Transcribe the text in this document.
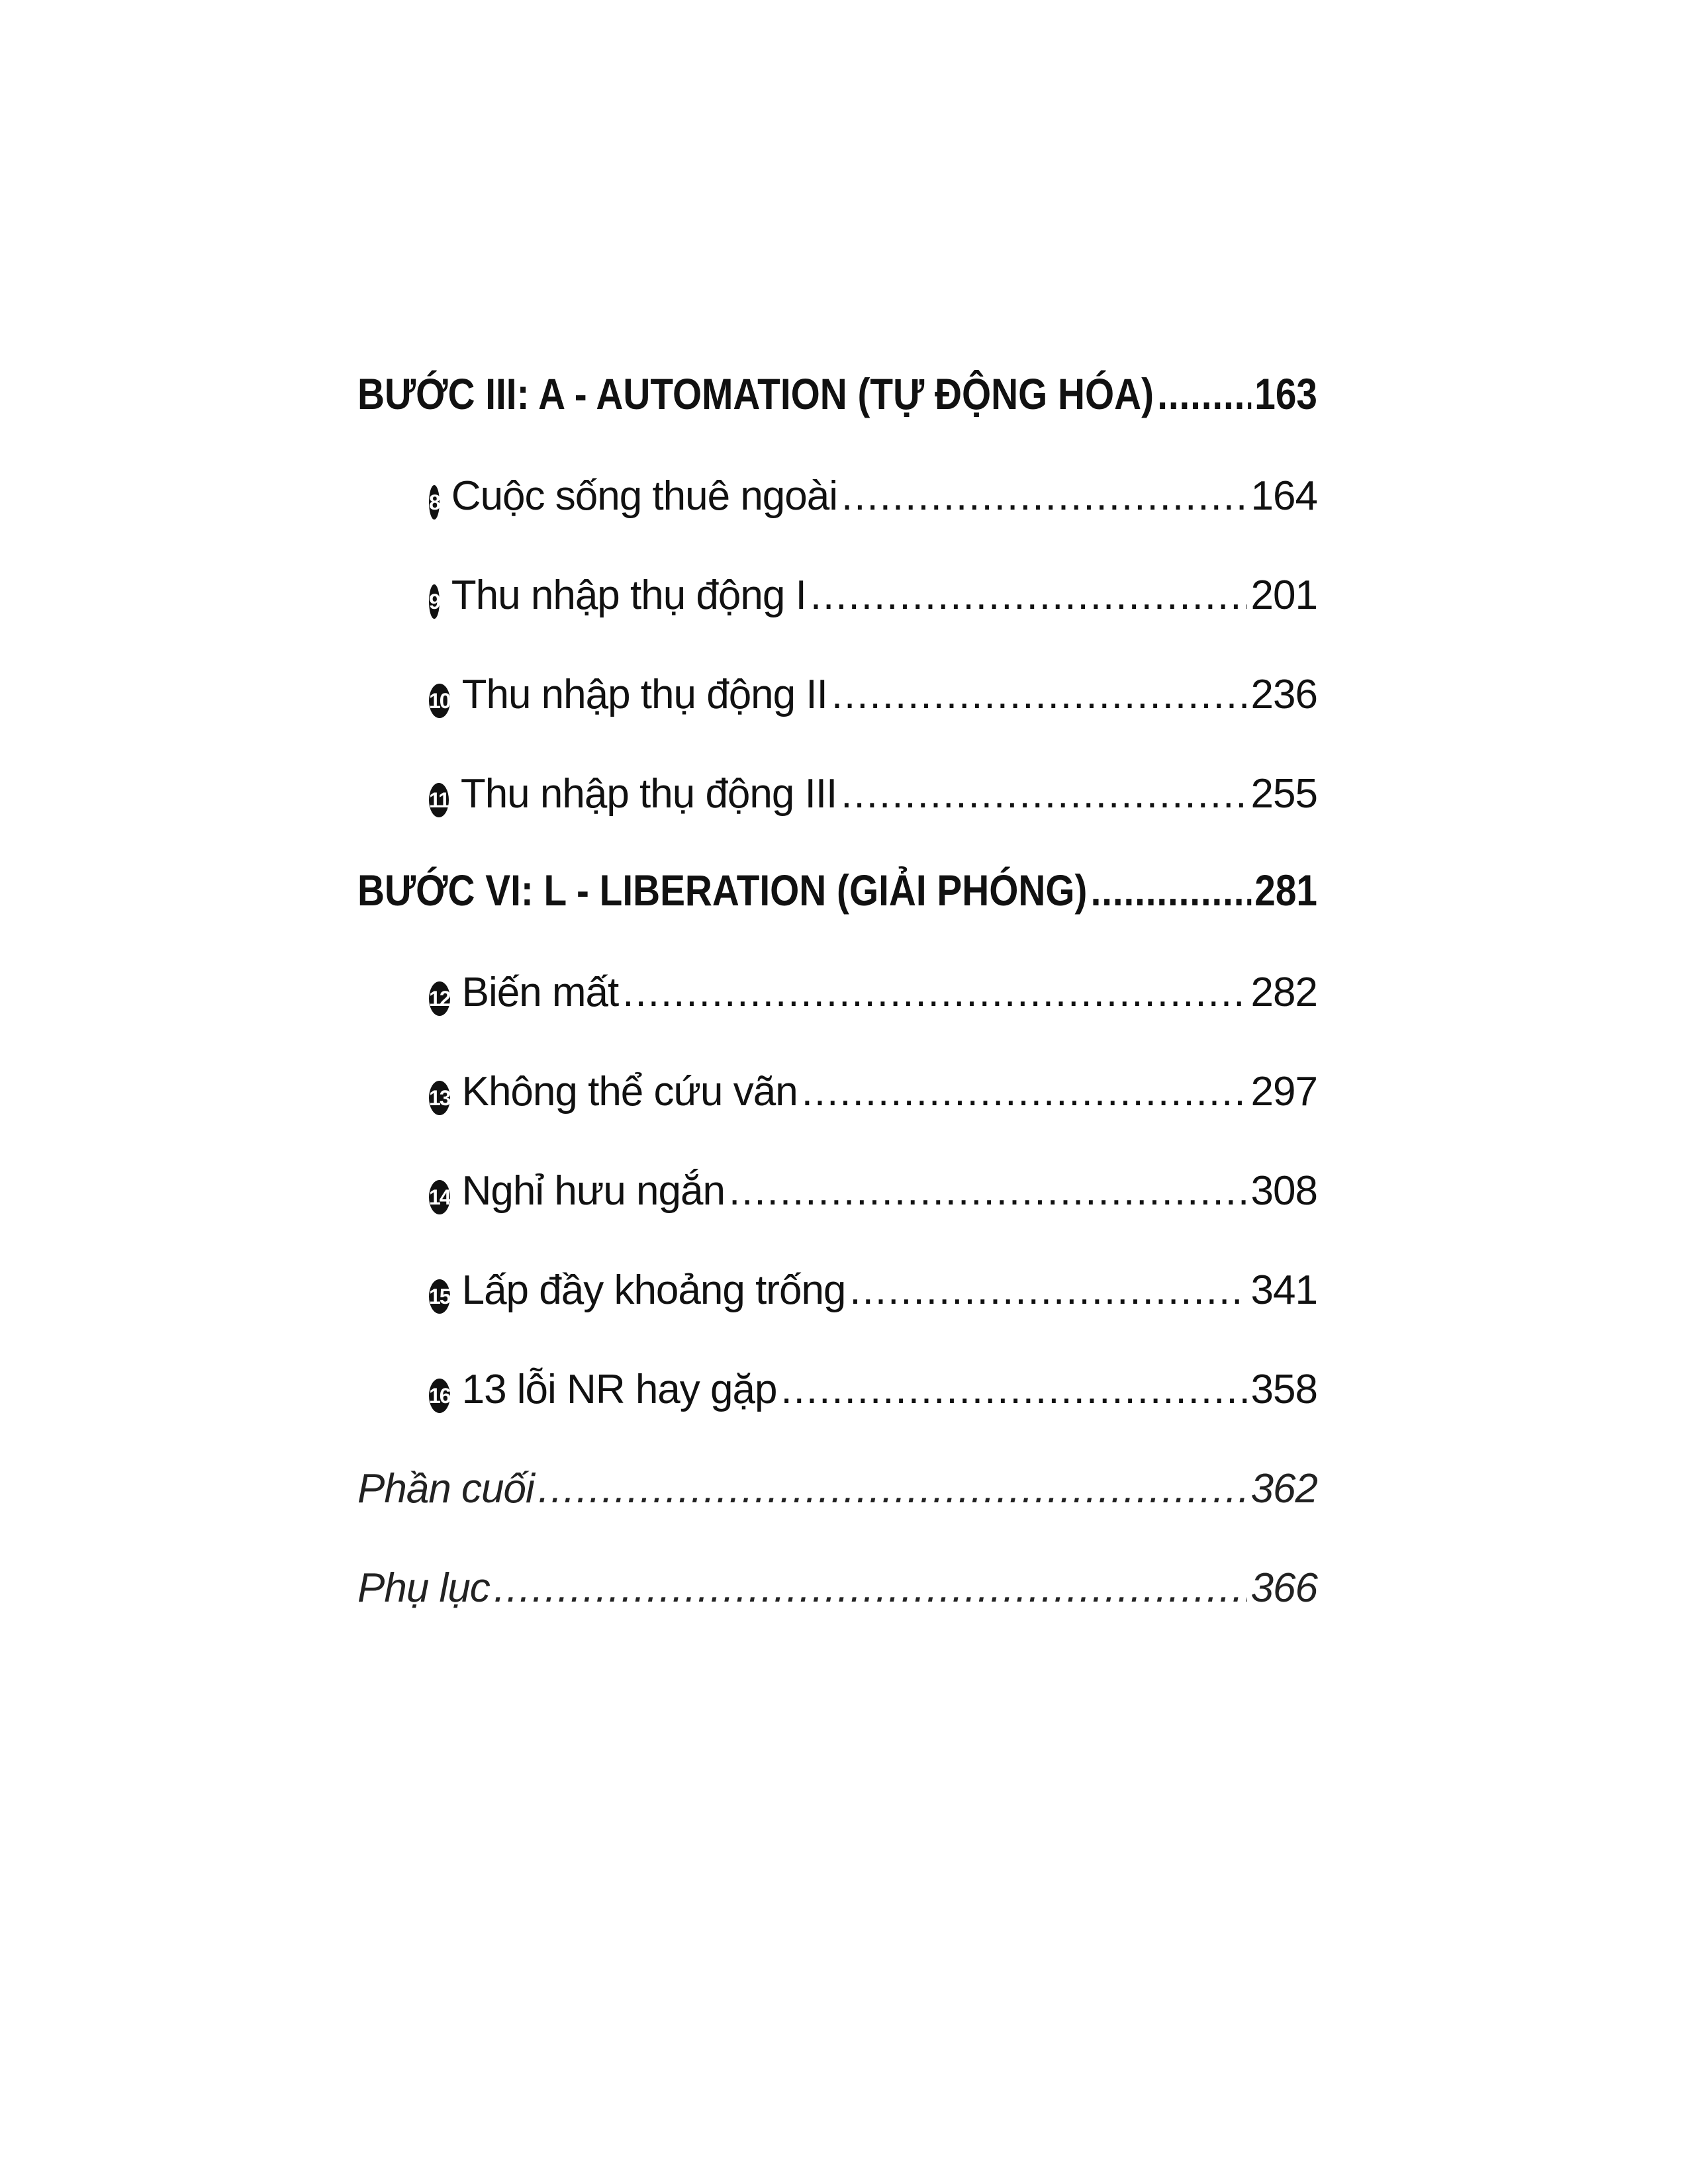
BƯỚC III: A - AUTOMATION (TỰ ĐỘNG HÓA) ..... 163
8 Cuộc sống thuê ngoài .....	164
9 Thu nhập thụ động I .....	201
10 Thu nhập thụ động II .....	236
11 Thu nhập thụ động III .....	255
BƯỚC VI: L - LIBERATION (GIẢI PHÓNG) .....	281
12 Biến mất .....	282
13 Không thể cứu vãn .....	297
14 Nghỉ hưu ngắn .....	308
15 Lấp đầy khoảng trống .....	341
16 13 lỗi NR hay gặp .....	358
Phần cuối .....	362
Phụ lục .....	366
